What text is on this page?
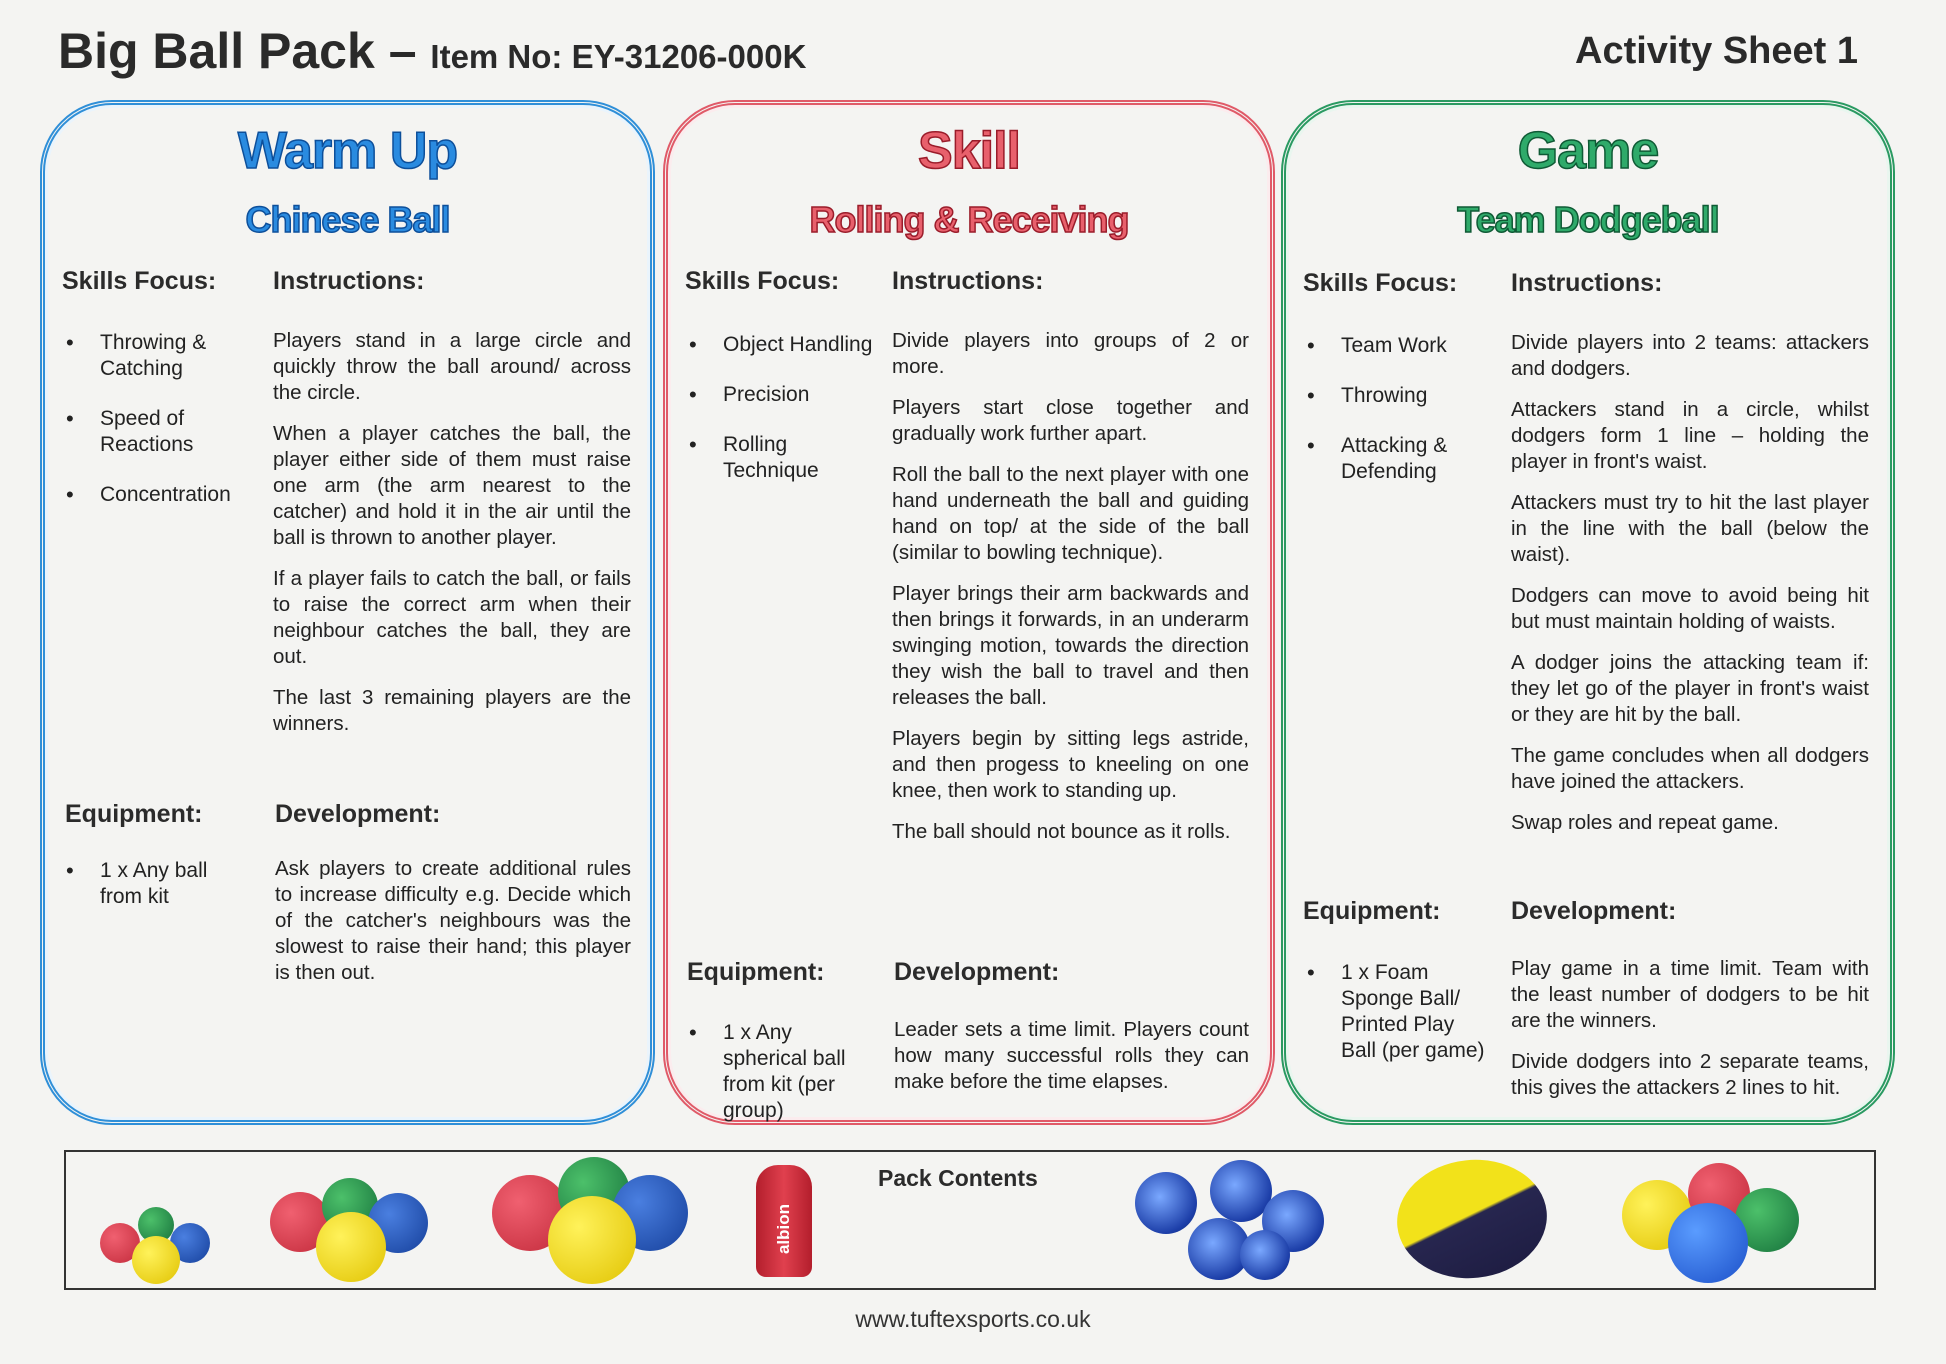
Big Ball Pack – Item No: EY-31206-000K	Activity Sheet 1
Warm Up
Chinese Ball
Skills Focus: Instructions:
• Throwing & Catching
• Speed of Reactions
• Concentration

Players stand in a large circle and quickly throw the ball around/ across the circle.

When a player catches the ball, the player either side of them must raise one arm (the arm nearest to the catcher) and hold it in the air until the ball is thrown to another player.

If a player fails to catch the ball, or fails to raise the correct arm when their neighbour catches the ball, they are out.

The last 3 remaining players are the winners.

Equipment:	Development:
• 1 x Any ball from kit

Ask players to create additional rules to increase difficulty e.g. Decide which of the catcher's neighbours was the slowest to raise their hand; this player is then out.

Skill
Rolling & Receiving
Skills Focus: Instructions:
• Object Handling
• Precision
• Rolling Technique

Divide players into groups of 2 or more.

Players start close together and gradually work further apart.

Roll the ball to the next player with one hand underneath the ball and guiding hand on top/ at the side of the ball (similar to bowling technique).

Player brings their arm backwards and then brings it forwards, in an underarm swinging motion, towards the direction they wish the ball to travel and then releases the ball.

Players begin by sitting legs astride, and then progess to kneeling on one knee, then work to standing up.

The ball should not bounce as it rolls.

Equipment:	Development:
• 1 x Any spherical ball from kit (per group)

Leader sets a time limit. Players count how many successful rolls they can make before the time elapses.

Game
Team Dodgeball
Skills Focus: Instructions:
• Team Work
• Throwing
• Attacking & Defending

Divide players into 2 teams: attackers and dodgers.

Attackers stand in a circle, whilst dodgers form 1 line – holding the player in front's waist.

Attackers must try to hit the last player in the line with the ball (below the waist).

Dodgers can move to avoid being hit but must maintain holding of waists.

A dodger joins the attacking team if: they let go of the player in front's waist or they are hit by the ball.

The game concludes when all dodgers have joined the attackers.

Swap roles and repeat game.

Equipment:	Development:
• 1 x Foam Sponge Ball/ Printed Play Ball (per game)

Play game in a time limit. Team with the least number of dodgers to be hit are the winners.

Divide dodgers into 2 separate teams, this gives the attackers 2 lines to hit.

Pack Contents
albion
www.tuftexsports.co.uk
